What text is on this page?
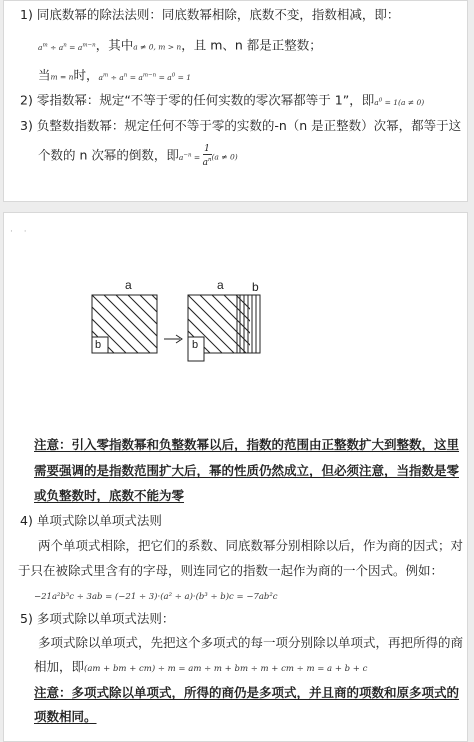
1) 同底数幂的除法法则：同底数幂相除，底数不变，指数相减，即：
$a^m \div a^n = a^{m-n}$，其中a ≠ 0, m > n，且 m、n 都是正整数；
当m = n时，$a^m \div a^n = a^{m-n} = a^0 = 1$
2) 零指数幂：规定“不等于零的任何实数的零次幂都等于 1”，即$a^0 = 1(a \ne 0)$
3) 负整数指数幂：规定任何不等于零的实数的-n（n 是正整数）次幂，都等于这
个数的 n 次幂的倒数，即$a^{-n} = \frac{1}{a^n} (a \ne 0)$
· ·
a
b
a b
b
注意：引入零指数幂和负整数幂以后，指数的范围由正整数扩大到整数，这里
需要强调的是指数范围扩大后，幂的性质仍然成立，但必须注意，当指数是零
或负整数时，底数不能为零
4) 单项式除以单项式法则
两个单项式相除，把它们的系数、同底数幂分别相除以后，作为商的因式；对
于只在被除式里含有的字母，则连同它的指数一起作为商的一个因式。例如：
−21a²b³c ÷ 3ab = (−21 ÷ 3)·(a² ÷ a)·(b³ ÷ b)c = −7ab²c
5) 多项式除以单项式法则：
多项式除以单项式，先把这个多项式的每一项分别除以单项式，再把所得的商
相加，即(am + bm + cm) ÷ m = am ÷ m + bm ÷ m + cm ÷ m = a + b + c
注意：多项式除以单项式，所得的商仍是多项式，并且商的项数和原多项式的
项数相同。
